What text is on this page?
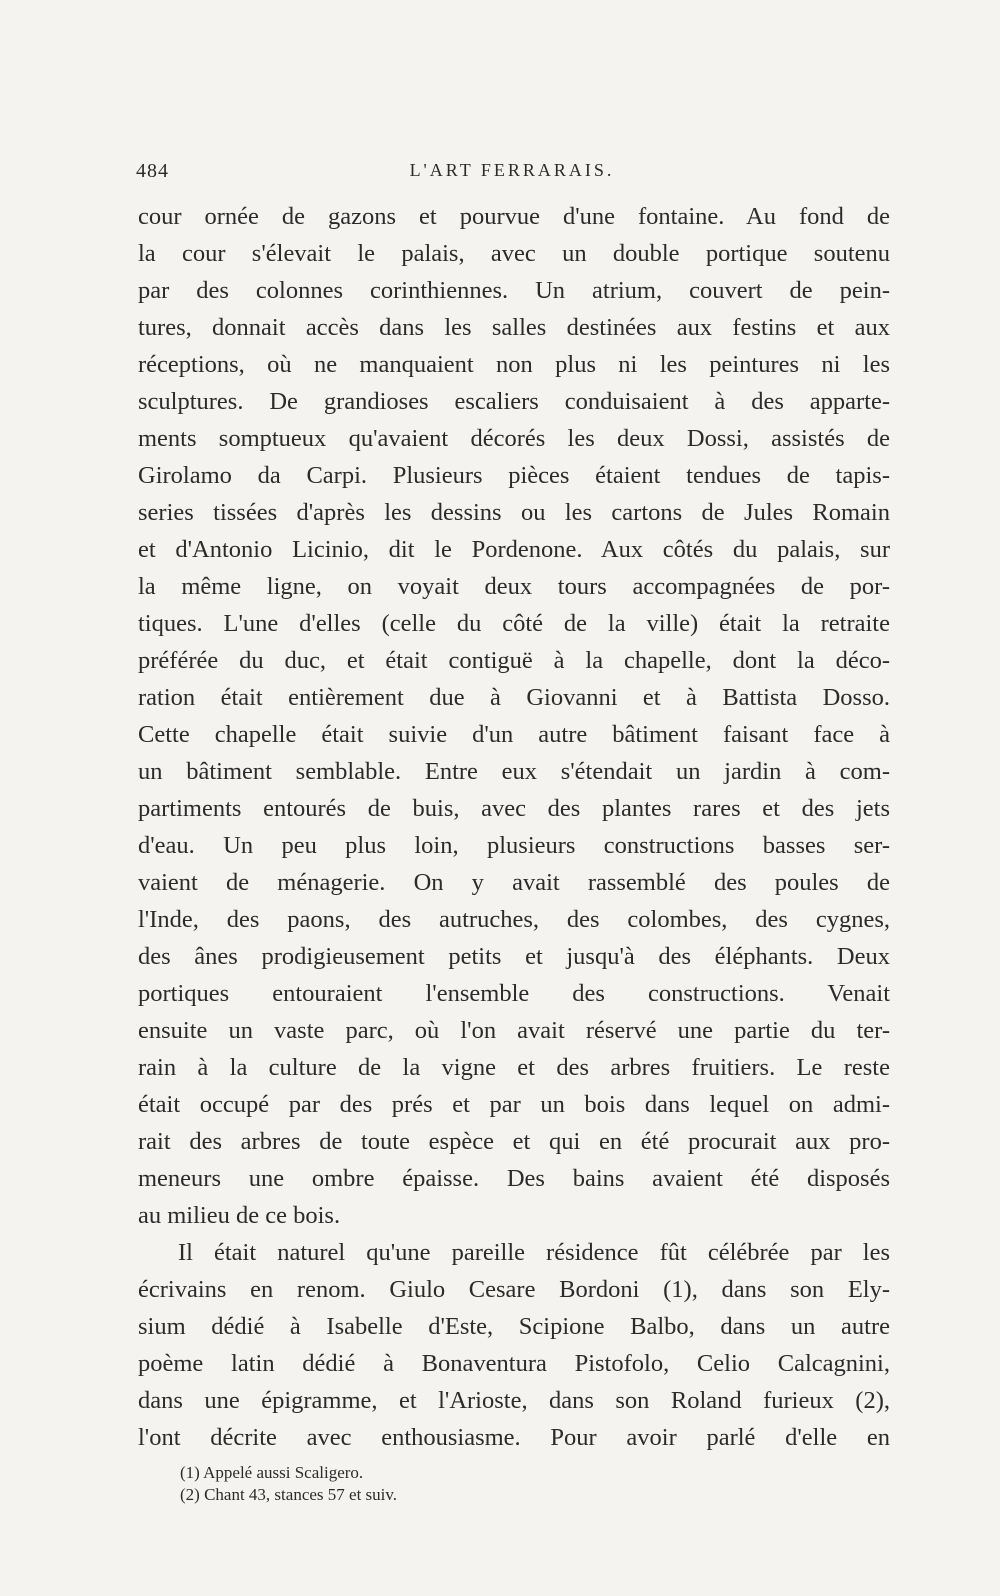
484	L'ART FERRARAIS.
cour ornée de gazons et pourvue d'une fontaine. Au fond de
la cour s'élevait le palais, avec un double portique soutenu
par des colonnes corinthiennes. Un atrium, couvert de pein-
tures, donnait accès dans les salles destinées aux festins et aux
réceptions, où ne manquaient non plus ni les peintures ni les
sculptures. De grandioses escaliers conduisaient à des apparte-
ments somptueux qu'avaient décorés les deux Dossi, assistés de
Girolamo da Carpi. Plusieurs pièces étaient tendues de tapis-
series tissées d'après les dessins ou les cartons de Jules Romain
et d'Antonio Licinio, dit le Pordenone. Aux côtés du palais, sur
la même ligne, on voyait deux tours accompagnées de por-
tiques. L'une d'elles (celle du côté de la ville) était la retraite
préférée du duc, et était contiguë à la chapelle, dont la déco-
ration était entièrement due à Giovanni et à Battista Dosso.
Cette chapelle était suivie d'un autre bâtiment faisant face à
un bâtiment semblable. Entre eux s'étendait un jardin à com-
partiments entourés de buis, avec des plantes rares et des jets
d'eau. Un peu plus loin, plusieurs constructions basses ser-
vaient de ménagerie. On y avait rassemblé des poules de
l'Inde, des paons, des autruches, des colombes, des cygnes,
des ânes prodigieusement petits et jusqu'à des éléphants. Deux
portiques entouraient l'ensemble des constructions. Venait
ensuite un vaste parc, où l'on avait réservé une partie du ter-
rain à la culture de la vigne et des arbres fruitiers. Le reste
était occupé par des prés et par un bois dans lequel on admi-
rait des arbres de toute espèce et qui en été procurait aux pro-
meneurs une ombre épaisse. Des bains avaient été disposés
au milieu de ce bois.
Il était naturel qu'une pareille résidence fût célébrée par les
écrivains en renom. Giulo Cesare Bordoni (1), dans son Ely-
sium dédié à Isabelle d'Este, Scipione Balbo, dans un autre
poème latin dédié à Bonaventura Pistofolo, Celio Calcagnini,
dans une épigramme, et l'Arioste, dans son Roland furieux (2),
l'ont décrite avec enthousiasme. Pour avoir parlé d'elle en
(1) Appelé aussi Scaligero.
(2) Chant 43, stances 57 et suiv.
